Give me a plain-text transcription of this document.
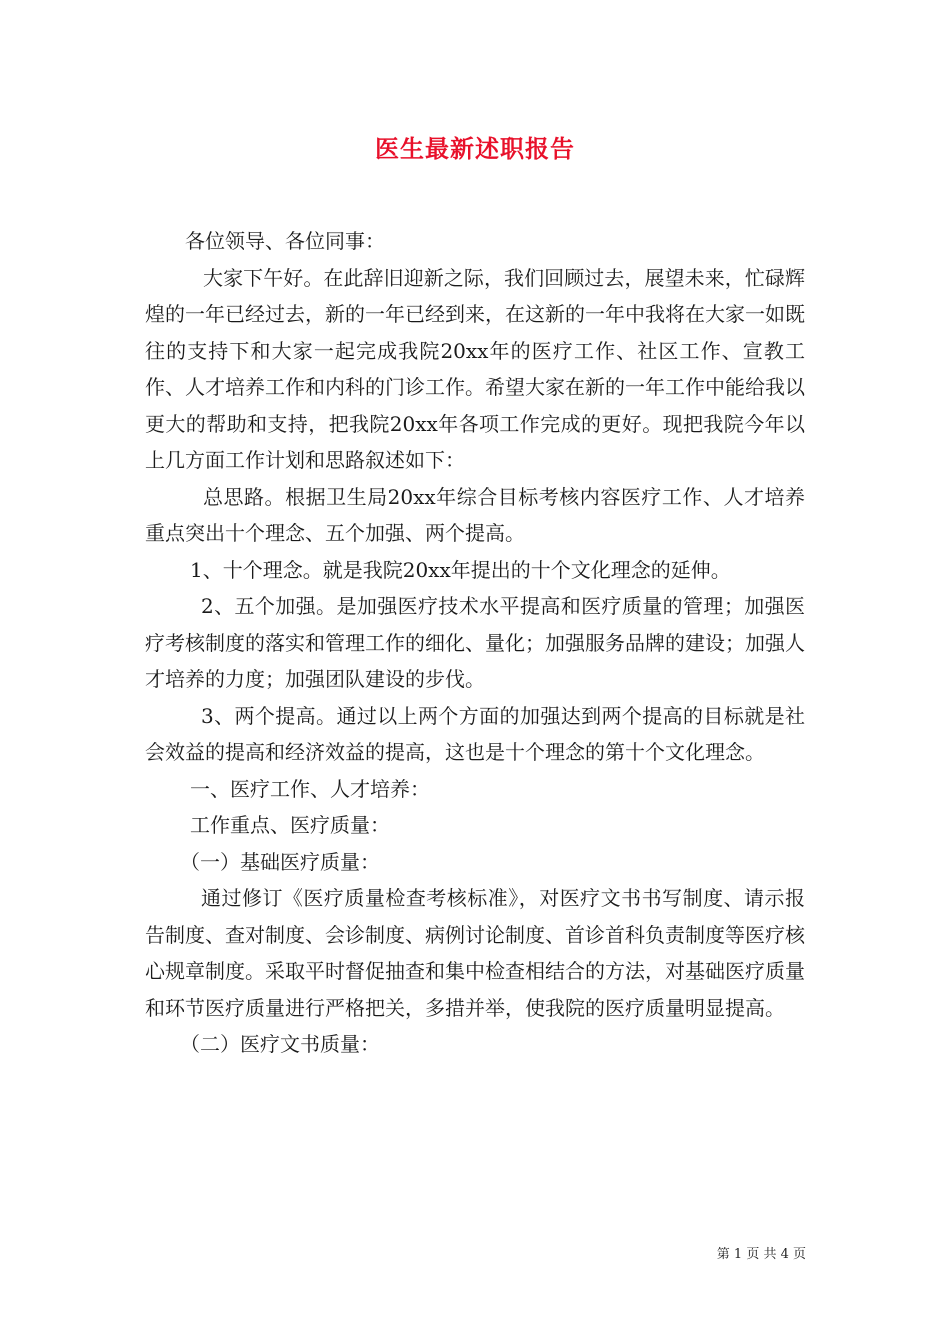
医生最新述职报告

各位领导、各位同事：

大家下午好。在此辞旧迎新之际，我们回顾过去，展望未来，忙碌辉煌的一年已经过去，新的一年已经到来，在这新的一年中我将在大家一如既往的支持下和大家一起完成我院20xx年的医疗工作、社区工作、宣教工作、人才培养工作和内科的门诊工作。希望大家在新的一年工作中能给我以更大的帮助和支持，把我院20xx年各项工作完成的更好。现把我院今年以上几方面工作计划和思路叙述如下：

总思路。根据卫生局20xx年综合目标考核内容医疗工作、人才培养重点突出十个理念、五个加强、两个提高。

1、十个理念。就是我院20xx年提出的十个文化理念的延伸。

2、五个加强。是加强医疗技术水平提高和医疗质量的管理；加强医疗考核制度的落实和管理工作的细化、量化；加强服务品牌的建设；加强人才培养的力度；加强团队建设的步伐。

3、两个提高。通过以上两个方面的加强达到两个提高的目标就是社会效益的提高和经济效益的提高，这也是十个理念的第十个文化理念。

一、医疗工作、人才培养：

工作重点、医疗质量：

（一）基础医疗质量：

通过修订《医疗质量检查考核标准》，对医疗文书书写制度、请示报告制度、查对制度、会诊制度、病例讨论制度、首诊首科负责制度等医疗核心规章制度。采取平时督促抽查和集中检查相结合的方法，对基础医疗质量和环节医疗质量进行严格把关，多措并举，使我院的医疗质量明显提高。

（二）医疗文书质量：

第 1 页 共 4 页
